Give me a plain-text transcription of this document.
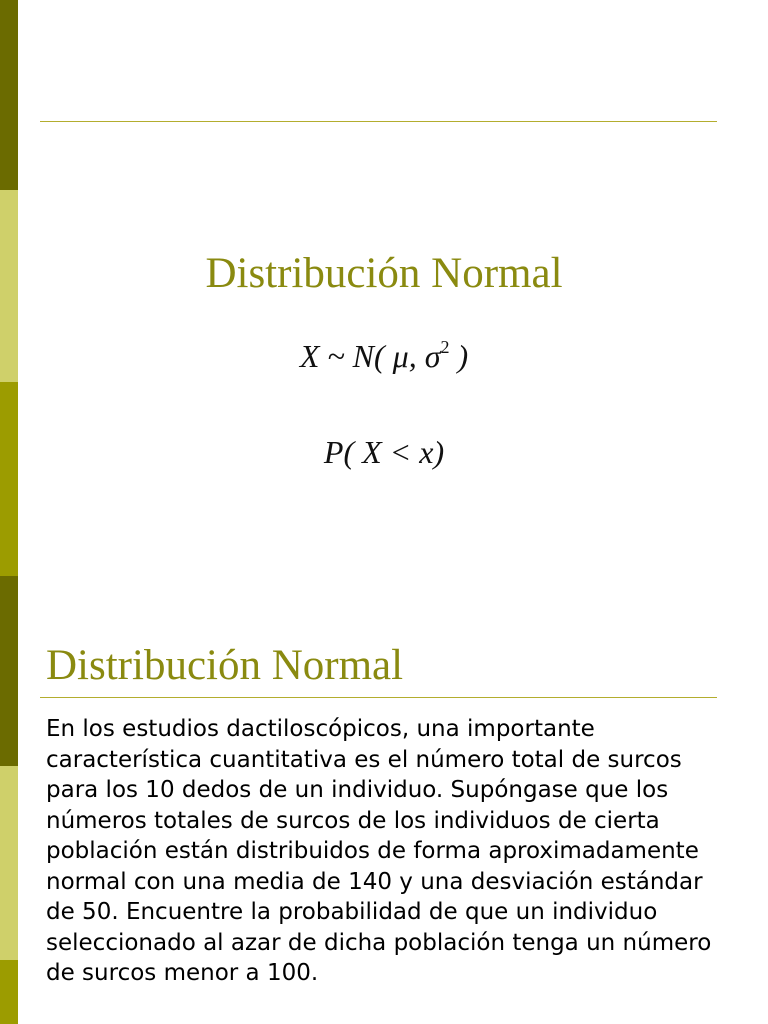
Distribución Normal
X ~ N( μ, $\sigma^2$ )
P( X < x)
Distribución Normal

En los estudios dactiloscópicos, una importante característica cuantitativa es el número total de surcos para los 10 dedos de un individuo. Supóngase que los números totales de surcos de los individuos de cierta población están distribuidos de forma aproximadamente normal con una media de 140 y una desviación estándar de 50. Encuentre la probabilidad de que un individuo seleccionado al azar de dicha población tenga un número de surcos menor a 100.
